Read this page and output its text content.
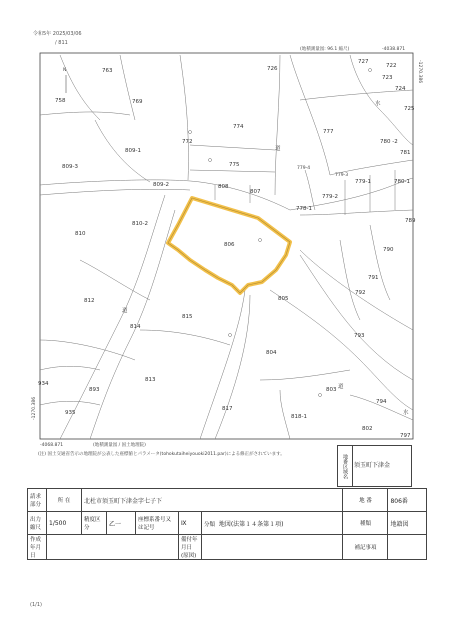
令和5年 2025/03/06
/ 811
763	726
727
722
723
724
725
758	769
774
777
780 -2
781
809-1
772
775
809-3
808
807
809-2
779-2
779-1	780-1
778-1
789
810
810-2
806
790
791
792
812	805
815
814
793
804
934
893
813
803
794
935
817
818-1
802
797
道
道
道
水
水
779-4
779-3
N
(地積測量図: 96.1 縮尺)	-4038.871
-4068.871	(地積測量図 / 国土地理院)
-1270.386
-1270.386
(注) 国土交通省告示の地理院が公表した座標値とパラメータ(tohokutaiheiyouoki2011.par)による修正がされています。	地番区域名	須玉町下津金
請求部分	所 在	北杜市須玉町下津金字七子下					地 番	806番
出力縮尺	1/500	精度区分	乙一	座標系番号又は記号	Ⅸ	分類 地図(法第１４条第１項)	種類	地籍図
作成年月日					備付年月日(原図)		補記事項	
(1/1)
